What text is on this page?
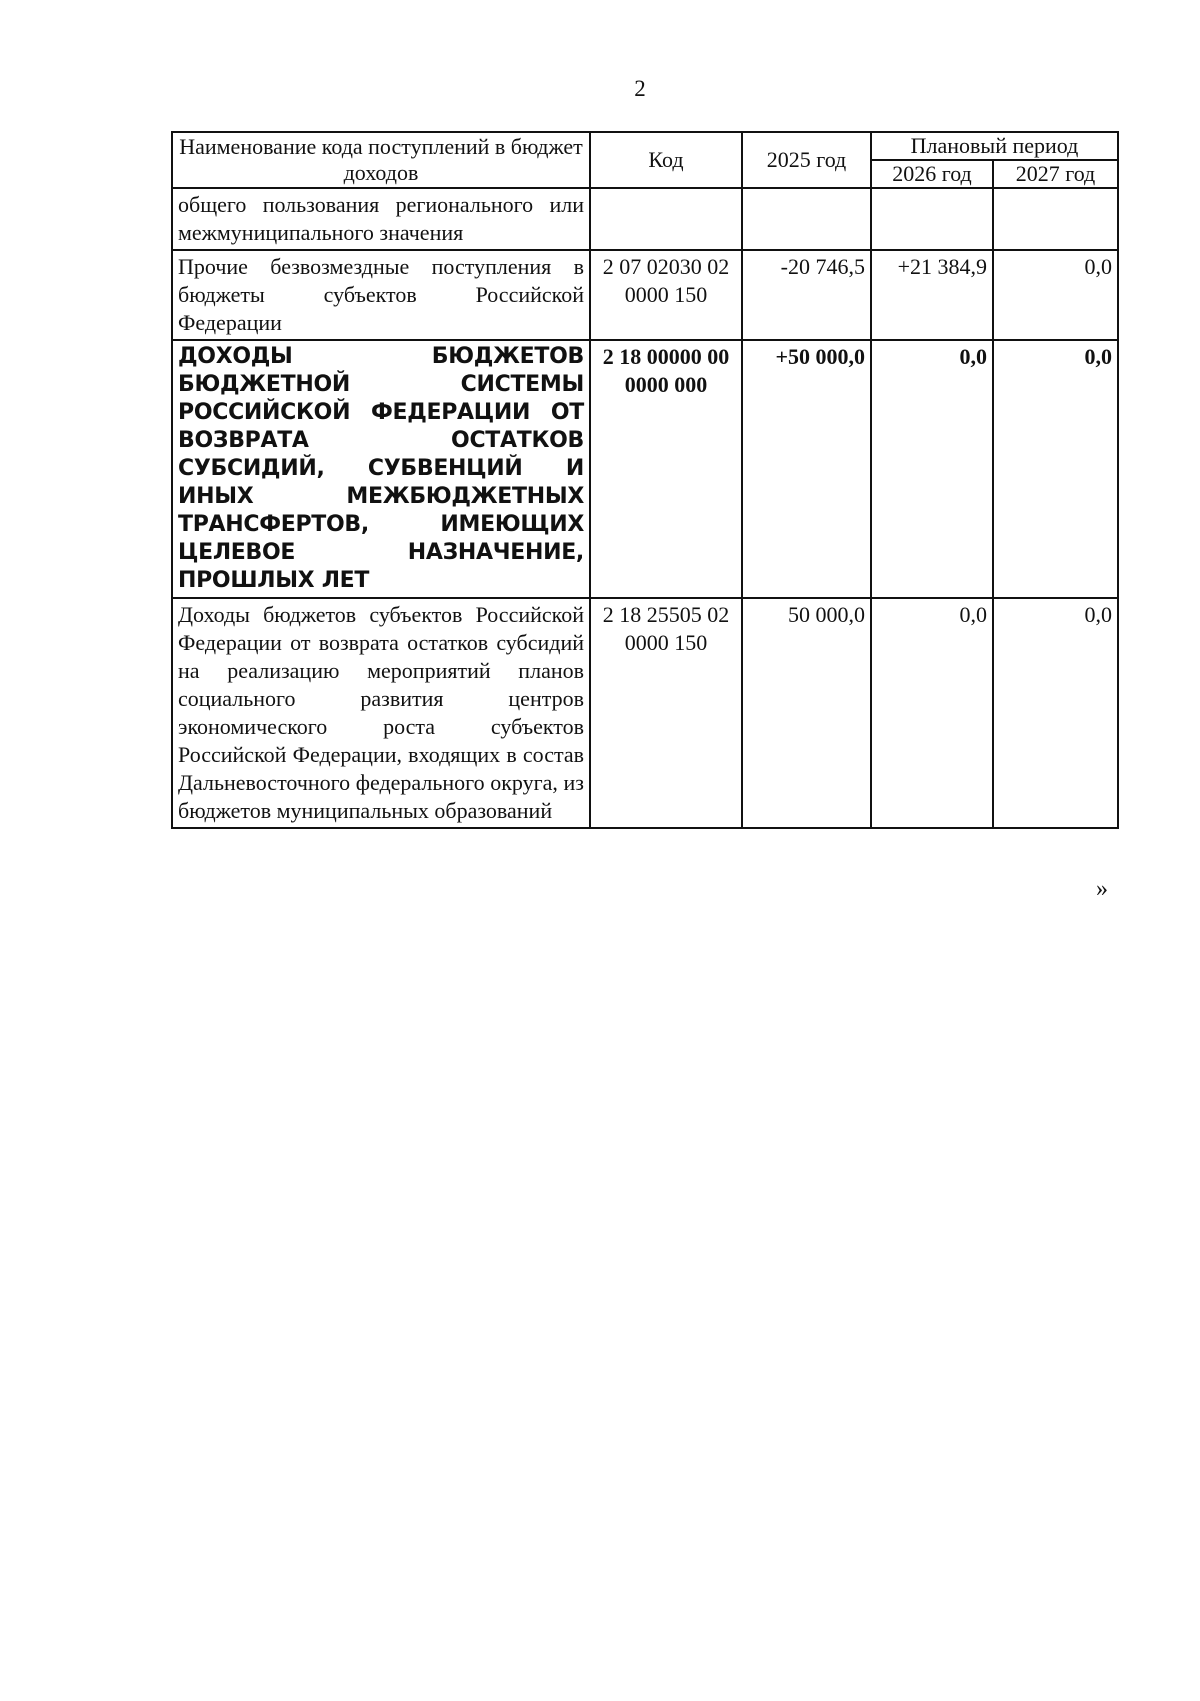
2
Наименование кода поступлений в бюджет доходов	Код	2025 год	Плановый период	
			2026 год	2027 год
общего пользования регионального или межмуниципального значения				
Прочие безвозмездные поступления в бюджеты субъектов Российской Федерации	2 07 02030 02 0000 150	-20 746,5	+21 384,9	0,0
ДОХОДЫ БЮДЖЕТОВ БЮДЖЕТНОЙ СИСТЕМЫ РОССИЙСКОЙ ФЕДЕРАЦИИ ОТ ВОЗВРАТА ОСТАТКОВ СУБСИДИЙ, СУБВЕНЦИЙ И ИНЫХ МЕЖБЮДЖЕТНЫХ ТРАНСФЕРТОВ, ИМЕЮЩИХ ЦЕЛЕВОЕ НАЗНАЧЕНИЕ, ПРОШЛЫХ ЛЕТ	2 18 00000 00 0000 000	+50 000,0	0,0	0,0
Доходы бюджетов субъектов Российской Федерации от возврата остатков субсидий на реализацию мероприятий планов социального развития центров экономического роста субъектов Российской Федерации, входящих в состав Дальневосточного федерального округа, из бюджетов муниципальных образований	2 18 25505 02 0000 150	50 000,0	0,0	0,0
»
